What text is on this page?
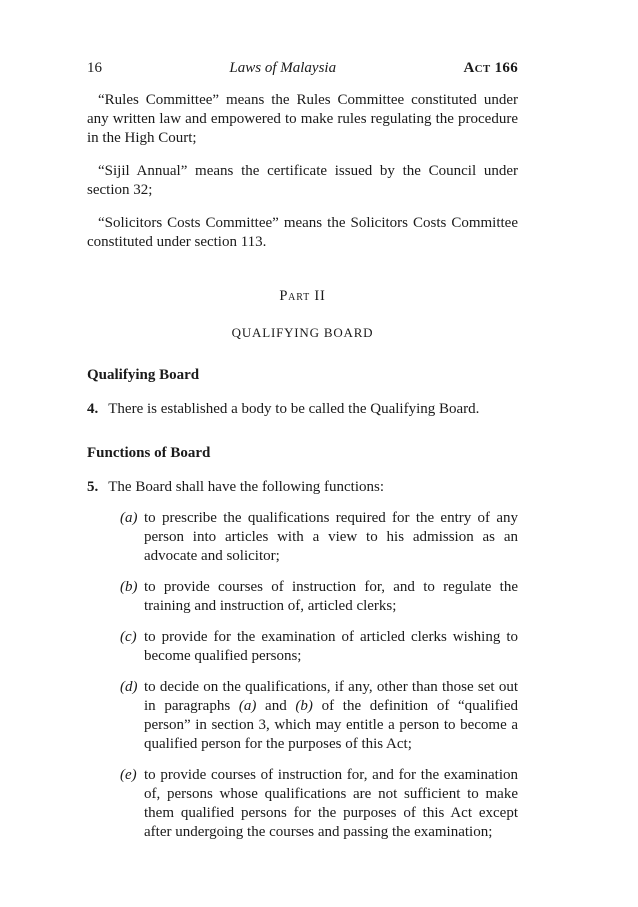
16	Laws of Malaysia	Act 166

“Rules Committee” means the Rules Committee constituted under any written law and empowered to make rules regulating the procedure in the High Court;

“Sijil Annual” means the certificate issued by the Council under section 32;

“Solicitors Costs Committee” means the Solicitors Costs Committee constituted under section 113.

Part II
QUALIFYING BOARD
Qualifying Board

4. There is established a body to be called the Qualifying Board.

Functions of Board

5. The Board shall have the following functions:

(a) to prescribe the qualifications required for the entry of any person into articles with a view to his admission as an advocate and solicitor;
(b) to provide courses of instruction for, and to regulate the training and instruction of, articled clerks;
(c) to provide for the examination of articled clerks wishing to become qualified persons;
(d) to decide on the qualifications, if any, other than those set out in paragraphs (a) and (b) of the definition of “qualified person” in section 3, which may entitle a person to become a qualified person for the purposes of this Act;
(e) to provide courses of instruction for, and for the examination of, persons whose qualifications are not sufficient to make them qualified persons for the purposes of this Act except after undergoing the courses and passing the examination;
